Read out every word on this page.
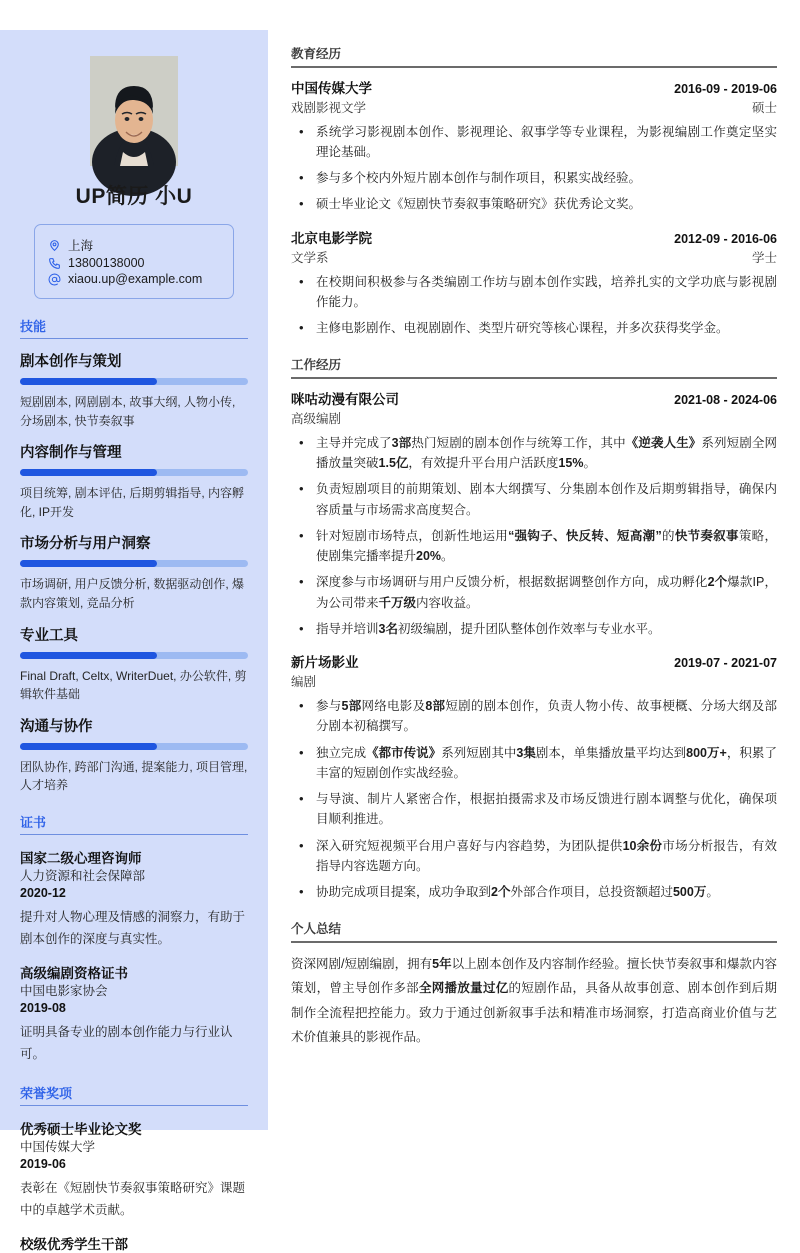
UP简历 小U
上海
13800138000
xiaou.up@example.com
技能
剧本创作与策划
短剧剧本, 网剧剧本, 故事大纲, 人物小传, 分场剧本, 快节奏叙事
内容制作与管理
项目统筹, 剧本评估, 后期剪辑指导, 内容孵化, IP开发
市场分析与用户洞察
市场调研, 用户反馈分析, 数据驱动创作, 爆款内容策划, 竞品分析
专业工具
Final Draft, Celtx, WriterDuet, 办公软件, 剪辑软件基础
沟通与协作
团队协作, 跨部门沟通, 提案能力, 项目管理, 人才培养
证书
国家二级心理咨询师
人力资源和社会保障部
2020-12
提升对人物心理及情感的洞察力，有助于剧本创作的深度与真实性。
高级编剧资格证书
中国电影家协会
2019-08
证明具备专业的剧本创作能力与行业认可。
荣誉奖项
优秀硕士毕业论文奖
中国传媒大学
2019-06
表彰在《短剧快节奏叙事策略研究》课题中的卓越学术贡献。
校级优秀学生干部
教育经历
中国传媒大学	2016-09 - 2019-06
戏剧影视文学	硕士
• 系统学习影视剧本创作、影视理论、叙事学等专业课程，为影视编剧工作奠定坚实理论基础。
• 参与多个校内外短片剧本创作与制作项目，积累实战经验。
• 硕士毕业论文《短剧快节奏叙事策略研究》获优秀论文奖。
北京电影学院	2012-09 - 2016-06
文学系	学士
• 在校期间积极参与各类编剧工作坊与剧本创作实践，培养扎实的文学功底与影视剧作能力。
• 主修电影剧作、电视剧剧作、类型片研究等核心课程，并多次获得奖学金。
工作经历
咪咕动漫有限公司	2021-08 - 2024-06
高级编剧
• 主导并完成了3部热门短剧的剧本创作与统筹工作，其中《逆袭人生》系列短剧全网播放量突破1.5亿，有效提升平台用户活跃度15%。
• 负责短剧项目的前期策划、剧本大纲撰写、分集剧本创作及后期剪辑指导，确保内容质量与市场需求高度契合。
• 针对短剧市场特点，创新性地运用“强钩子、快反转、短高潮”的快节奏叙事策略，使剧集完播率提升20%。
• 深度参与市场调研与用户反馈分析，根据数据调整创作方向，成功孵化2个爆款IP，为公司带来千万级内容收益。
• 指导并培训3名初级编剧，提升团队整体创作效率与专业水平。
新片场影业	2019-07 - 2021-07
编剧
• 参与5部网络电影及8部短剧的剧本创作，负责人物小传、故事梗概、分场大纲及部分剧本初稿撰写。
• 独立完成《都市传说》系列短剧其中3集剧本，单集播放量平均达到800万+，积累了丰富的短剧创作实战经验。
• 与导演、制片人紧密合作，根据拍摄需求及市场反馈进行剧本调整与优化，确保项目顺利推进。
• 深入研究短视频平台用户喜好与内容趋势，为团队提供10余份市场分析报告，有效指导内容选题方向。
• 协助完成项目提案，成功争取到2个外部合作项目，总投资额超过500万。
个人总结
资深网剧/短剧编剧，拥有5年以上剧本创作及内容制作经验。擅长快节奏叙事和爆款内容策划，曾主导创作多部全网播放量过亿的短剧作品，具备从故事创意、剧本创作到后期制作全流程把控能力。致力于通过创新叙事手法和精准市场洞察，打造高商业价值与艺术价值兼具的影视作品。
